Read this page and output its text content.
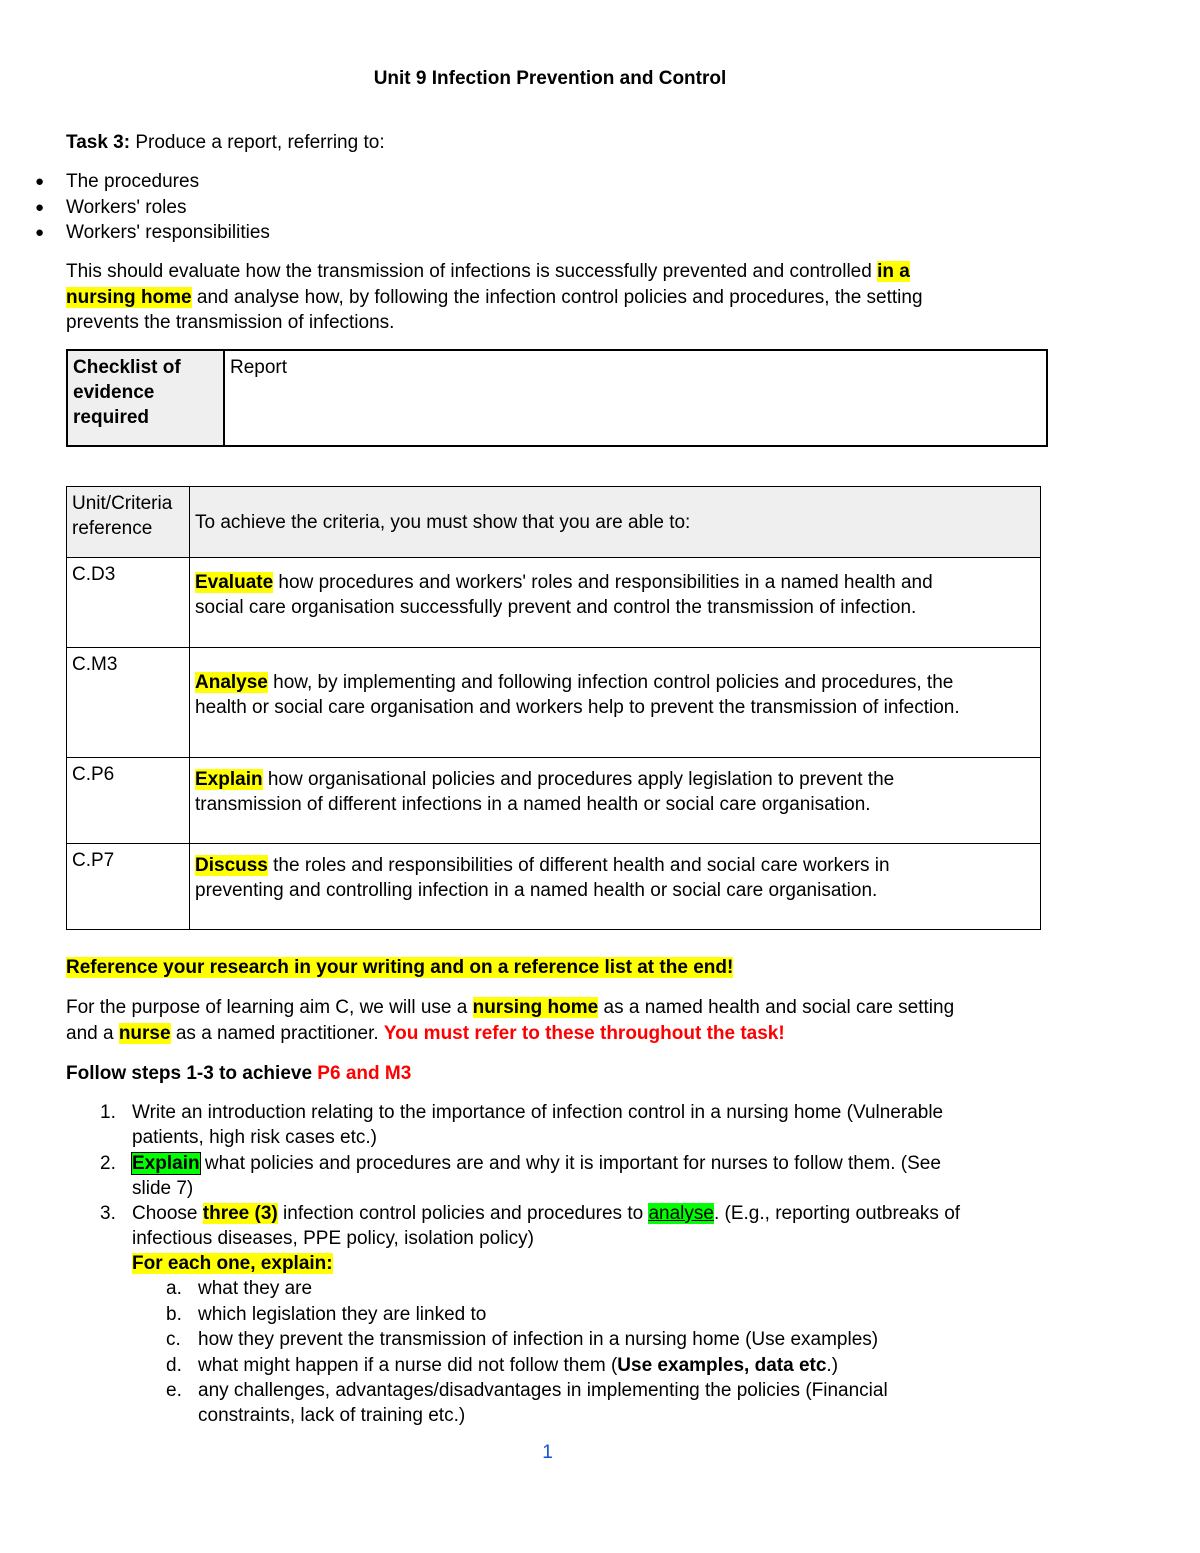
Unit 9 Infection Prevention and Control
Task 3: Produce a report, referring to:
● The procedures
● Workers' roles
● Workers' responsibilities
This should evaluate how the transmission of infections is successfully prevented and controlled in a
nursing home and analyse how, by following the infection control policies and procedures, the setting
prevents the transmission of infections.
Checklist of
evidence
required
	Report
Unit/Criteria
reference	To achieve the criteria, you must show that you are able to:
C.D3	Evaluate how procedures and workers' roles and responsibilities in a named health and
social care organisation successfully prevent and control the transmission of infection.

C.M3	Analyse how, by implementing and following infection control policies and procedures, the
health or social care organisation and workers help to prevent the transmission of infection.

C.P6	Explain how organisational policies and procedures apply legislation to prevent the
transmission of different infections in a named health or social care organisation.

C.P7	Discuss the roles and responsibilities of different health and social care workers in
preventing and controlling infection in a named health or social care organisation.
Reference your research in your writing and on a reference list at the end!
For the purpose of learning aim C, we will use a nursing home as a named health and social care setting
and a nurse as a named practitioner. You must refer to these throughout the task!
Follow steps 1-3 to achieve P6 and M3
1. Write an introduction relating to the importance of infection control in a nursing home (Vulnerable
patients, high risk cases etc.)
2. Explain what policies and procedures are and why it is important for nurses to follow them. (See
slide 7)
3. Choose three (3) infection control policies and procedures to analyse. (E.g., reporting outbreaks of
infectious diseases, PPE policy, isolation policy)
For each one, explain:
a. what they are
b. which legislation they are linked to
c. how they prevent the transmission of infection in a nursing home (Use examples)
d. what might happen if a nurse did not follow them (Use examples, data etc.)
e. any challenges, advantages/disadvantages in implementing the policies (Financial
constraints, lack of training etc.)
1
